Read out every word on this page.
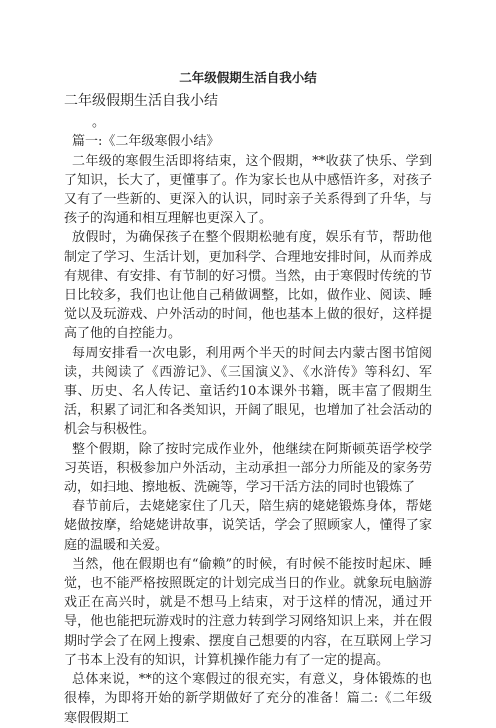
二年级假期生活自我小结

二年级假期生活自我小结

。

篇一:《二年级寒假小结》

二年级的寒假生活即将结束，这个假期，**收获了快乐、学到了知识，长大了，更懂事了。作为家长也从中感悟许多，对孩子又有了一些新的、更深入的认识，同时亲子关系得到了升华，与孩子的沟通和相互理解也更深入了。

放假时，为确保孩子在整个假期松驰有度，娱乐有节，帮助他制定了学习、生活计划，更加科学、合理地安排时间，从而养成有规律、有安排、有节制的好习惯。当然，由于寒假时传统的节日比较多，我们也让他自己稍做调整，比如，做作业、阅读、睡觉以及玩游戏、户外活动的时间，他也基本上做的很好，这样提高了他的自控能力。

每周安排看一次电影，利用两个半天的时间去内蒙古图书馆阅读，共阅读了《西游记》、《三国演义》、《水浒传》等科幻、军事、历史、名人传记、童话约10本课外书籍，既丰富了假期生活，积累了词汇和各类知识，开阔了眼见，也增加了社会活动的机会与积极性。

整个假期，除了按时完成作业外，他继续在阿斯顿英语学校学习英语，积极参加户外活动，主动承担一部分力所能及的家务劳动，如扫地、擦地板、洗碗等，学习干活方法的同时也锻炼了

春节前后，去姥姥家住了几天，陪生病的姥姥锻炼身体，帮姥姥做按摩，给姥姥讲故事，说笑话，学会了照顾家人，懂得了家庭的温暖和关爱。

当然，他在假期也有“偷赖”的时候，有时候不能按时起床、睡觉，也不能严格按照既定的计划完成当日的作业。就象玩电脑游戏正在高兴时，就是不想马上结束，对于这样的情况，通过开导，他也能把玩游戏时的注意力转到学习网络知识上来，并在假期时学会了在网上搜索、摆度自己想要的内容，在互联网上学习了书本上没有的知识，计算机操作能力有了一定的提高。

总体来说，**的这个寒假过的很充实，有意义，身体锻炼的也很棒，为即将开始的新学期做好了充分的准备！篇二:《二年级寒假假期工
